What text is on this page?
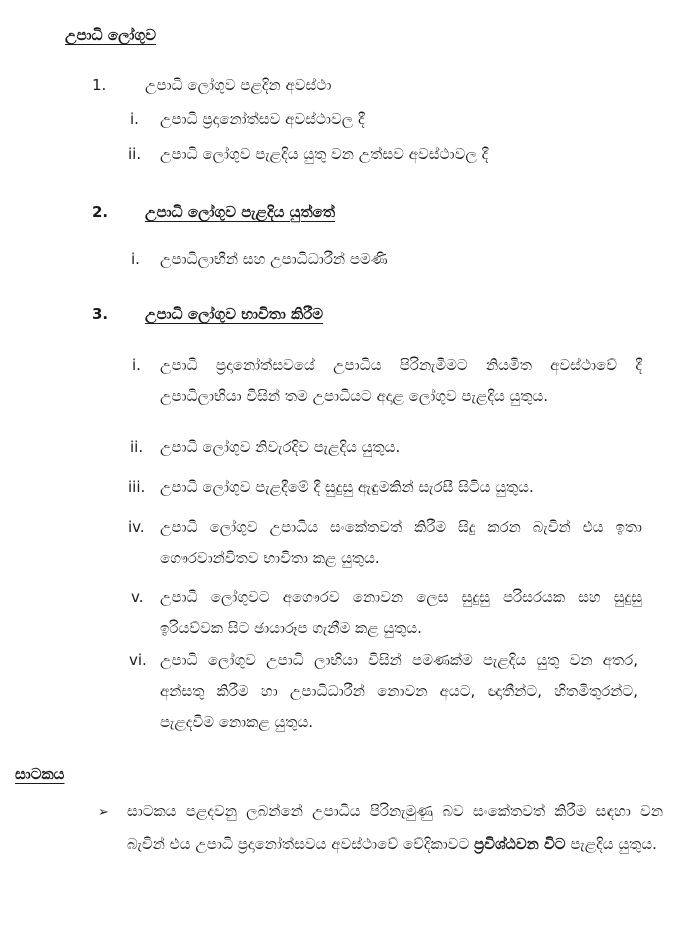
උපාධි ලෝගුව
1.	උපාධි ලෝගුව පළදින අවස්ථා
i. උපාධි ප්‍රදානෝත්සව අවස්ථාවල දී
ii. උපාධි ලෝගුව පැළදිය යුතු වන උත්සව අවස්ථාවල දී
2. උපාධි ලෝගුව පැළදිය යුත්තේ
i. උපාධිලාභීන් සහ උපාධිධාරීන් පමණි
3. උපාධි ලෝගුව භාවිතා කිරීම
i. උපාධි ප්‍රදානෝත්සවයේ උපාධිය පිරිනැමීමට නියමිත අවස්ථාවේ දී උපාධිලාභියා විසින් තම උපාධියට අදාළ ලෝගුව පැළදිය යුතුය.
ii. උපාධි ලෝගුව නිවැරදිව පැළදිය යුතුය.
iii. උපාධි ලෝගුව පැළදීමේ දී සුදුසු ඇඳුමකින් සැරසී සිටිය යුතුය.
iv. උපාධි ලෝගුව උපාධිය සංකේතවත් කිරීම සිදු කරන බැවින් එය ඉතා ගෞරවාන්විතව භාවිතා කළ යුතුය.
v. උපාධි ලෝගුවට අගෞරව නොවන ලෙස සුදුසු පරිසරයක සහ සුදුසු ඉරියව්වක සිට ඡායාරූප ගැනීම කළ යුතුය.
vi. උපාධි ලෝගුව උපාධි ලාභියා විසින් පමණක්ම පැළදිය යුතු වන අතර, අන්සතු කිරීම හා උපාධිධාරීන් නොවන අයට, ඥාතීන්ට, හිතමිතුරන්ට, පැළදවීම නොකළ යුතුය.
සාටකය
➢ සාටකය පළදවනු ලබන්නේ උපාධිය පිරිනැමුණු බව සංකේතවත් කිරීම සඳහා වන බැවින් එය උපාධි ප්‍රදානෝත්සවය අවස්ථාවේ වේදිකාවට ප්‍රවිශ්ඨවන විට පැළදිය යුතුය.
